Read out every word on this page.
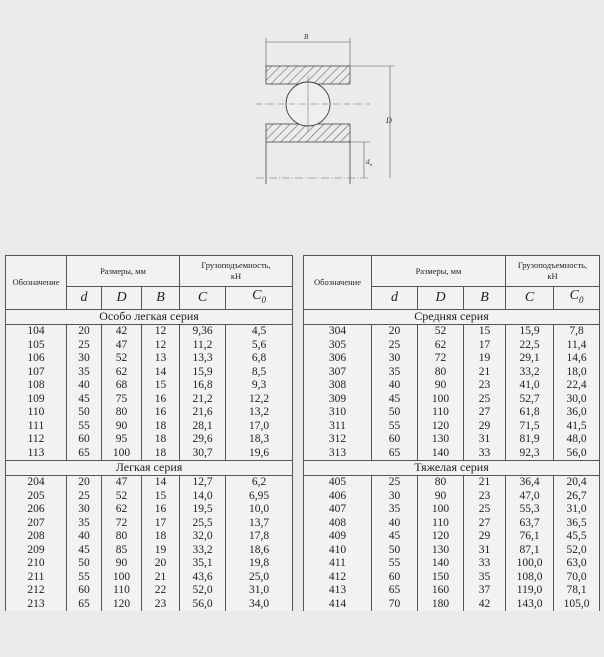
B
D
$d_н$
Обозначение	Размеры, мм			Грузоподъемность,
кН	
	d	D	B	C	$C_0$
Особо легкая серия					
104	20	42	12	9,36	4,5
105	25	47	12	11,2	5,6
106	30	52	13	13,3	6,8
107	35	62	14	15,9	8,5
108	40	68	15	16,8	9,3
109	45	75	16	21,2	12,2
110	50	80	16	21,6	13,2
111	55	90	18	28,1	17,0
112	60	95	18	29,6	18,3
113	65	100	18	30,7	19,6
Легкая серия					
204	20	47	14	12,7	6,2
205	25	52	15	14,0	6,95
206	30	62	16	19,5	10,0
207	35	72	17	25,5	13,7
208	40	80	18	32,0	17,8
209	45	85	19	33,2	18,6
210	50	90	20	35,1	19,8
211	55	100	21	43,6	25,0
212	60	110	22	52,0	31,0
213	65	120	23	56,0	34,0
Обозначение	Размеры, мм			Грузоподъемность,
кН	
	d	D	B	C	$C_0$
Средняя серия					
304	20	52	15	15,9	7,8
305	25	62	17	22,5	11,4
306	30	72	19	29,1	14,6
307	35	80	21	33,2	18,0
308	40	90	23	41,0	22,4
309	45	100	25	52,7	30,0
310	50	110	27	61,8	36,0
311	55	120	29	71,5	41,5
312	60	130	31	81,9	48,0
313	65	140	33	92,3	56,0
Тяжелая серия					
405	25	80	21	36,4	20,4
406	30	90	23	47,0	26,7
407	35	100	25	55,3	31,0
408	40	110	27	63,7	36,5
409	45	120	29	76,1	45,5
410	50	130	31	87,1	52,0
411	55	140	33	100,0	63,0
412	60	150	35	108,0	70,0
413	65	160	37	119,0	78,1
414	70	180	42	143,0	105,0
